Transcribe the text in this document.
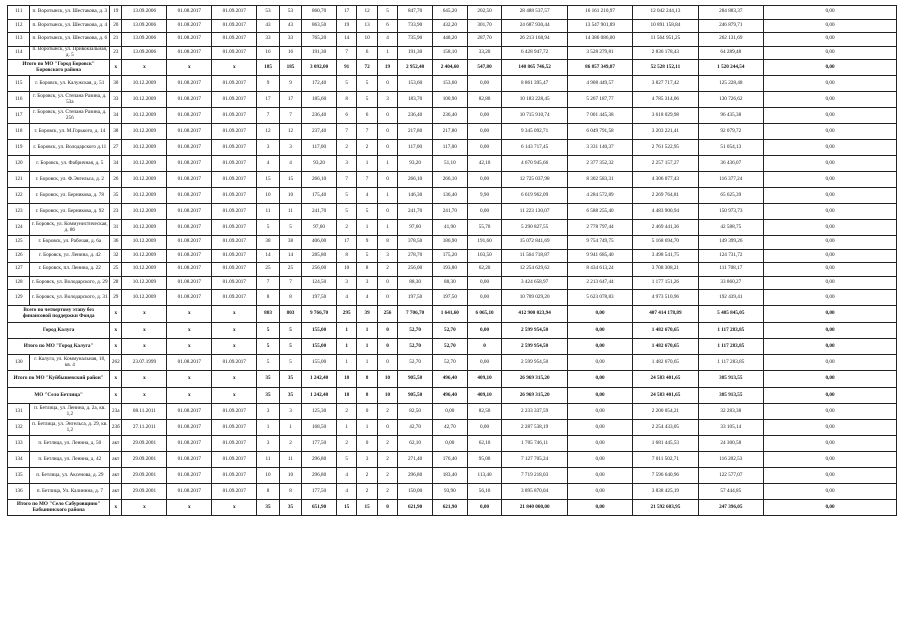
111	п. Воротынск, ул. Шестакова, д. 3	19	13.09.2006	01.08.2017	01.09.2017	53	53	860,70	17	12	5	847,70	645,20	202,50	28 488 537,57	16 161 210,97	12 042 244,13	284 883,37	0,00
112	п. Воротынск, ул. Шестакова, д. 4	20	13.09.2006	01.08.2017	01.09.2017	43	43	863,50	19	13	6	733,90	432,20	301,70	24 687 930,44	13 547 901,89	10 891 158,84	246 879,71	0,00
113	п. Воротынск, ул. Шестакова, д. 6	21	13.09.2006	01.08.2017	01.09.2017	33	33	765,20	14	10	4	735,90	448,20	287,70	26 213 168,94	14 386 086,00	11 564 951,25	262 131,69	0,00
114	п. Воротынск, ул. Привокзальная, д. 5	23	13.09.2006	01.08.2017	01.09.2017	16	16	191,30	7	6	1	191,30	158,10	33,20	6 428 947,72	3 528 279,81	2 836 178,43	64 289,48	0,00
Итого по МО "Город Боровск" Боровского района		x	x	x	x	185	185	3 092,00	91	72	19	2 952,40	2 404,60	547,80	140 865 746,52	86 857 349,87	52 528 152,11	1 520 244,54	0,00
115	г. Боровск, ул. Калужская, д. 51	30	10.12.2009	01.08.2017	01.09.2017	9	9	172,40	5	5	0	153,60	153,60	0,00	8 861 395,47	4 908 449,57	3 827 717,42	125 228,48	0,00
116	г. Боровск, ул. Степана Разина, д. 53а	33	10.12.2009	01.08.2017	01.09.2017	17	17	185,60	8	5	3	183,70	100,90	82,80	10 183 228,45	5 267 187,77	4 785 314,06	130 726,62	0,00
117	г. Боровск, ул. Степана Разина, д. 256	34	10.12.2009	01.08.2017	01.09.2017	7	7	236,40	6	6	0	236,40	236,40	0,00	10 715 910,74	7 001 445,38	3 618 029,98	96 435,38	0,00
118	г. Боровск, ул. М.Горького, д. 14	38	10.12.2009	01.08.2017	01.09.2017	12	12	237,40	7	7	0	217,80	217,80	0,00	9 345 092,71	6 049 791,58	3 203 221,41	92 079,72	0,00
119	г. Боровск, ул. Володарского д.11	27	10.12.2009	01.08.2017	01.09.2017	3	3	117,00	2	2	0	117,00	117,00	0,00	6 143 717,45	3 331 140,37	2 761 522,95	51 054,13	0,00
120	г. Боровск, ул. Фабричная, д. 5	34	10.12.2009	01.08.2017	01.09.2017	4	4	93,20	3	1	1	93,20	51,10	42,10	4 670 945,66	2 377 352,32	2 257 157,27	36 436,07	0,00
121	г. Боровск, ул. Ф.Энгельса, д. 2	26	10.12.2009	01.08.2017	01.09.2017	15	15	266,10	7	7	0	266,10	266,10	0,00	12 725 037,98	8 302 583,31	4 306 077,43	116 377,24	0,00
122	г. Боровск, ул. Берникова, д. 78	35	10.12.2009	01.08.2017	01.09.2017	10	10	175,40	5	4	1	146,30	136,40	9,90	6 619 962,09	4 284 572,89	2 269 764,81	65 625,39	0,00
123	г. Боровск, ул. Берникова, д. 92	23	10.12.2009	01.08.2017	01.09.2017	11	11	241,70	5	5	0	241,70	241,70	0,00	11 223 130,07	6 588 255,40	4 483 900,94	150 973,73	0,00
124	г. Боровск, ул. Коммунистическая, д. 86	31	10.12.2009	01.08.2017	01.09.2017	5	5	97,60	2	1	1	97,60	41,90	55,70	5 290 827,55	2 778 797,44	2 469 441,36	42 588,75	0,00
125	г. Боровск, ул. Рабочая, д. 6а	36	10.12.2009	01.08.2017	01.09.2017	38	38	406,00	17	9	8	378,50	186,90	191,60	15 072 841,69	9 754 749,75	5 168 694,70	149 399,26	0,00
126	г. Боровск, ул. Ленина, д. 42	32	10.12.2009	01.08.2017	01.09.2017	14	14	285,80	8	5	3	278,70	175,20	103,50	11 564 718,87	9 941 685,40	3 498 541,75	124 731,72	0,00
127	г. Боровск, пл. Ленина, д. 22	25	10.12.2009	01.08.2017	01.09.2017	25	25	256,00	10	8	2	256,00	193,80	62,20	12 254 629,62	8 434 613,24	3 708 308,21	111 708,17	0,00
128	г. Боровск, ул. Володарского, д. 29	28	10.12.2009	01.08.2017	01.09.2017	7	7	124,50	3	3	0	88,30	88,30	0,00	3 424 658,97	2 213 647,44	1 177 151,26	33 860,27	0,00
129	г. Боровск, ул. Володарского, д. 31	29	10.12.2009	01.08.2017	01.09.2017	8	8	197,50	4	4	0	197,50	197,50	0,00	10 709 029,20	5 623 078,83	4 973 510,96	192 439,41	0,00
Всего по четвертому этапу без финансовой поддержки Фонда		x	x	x	x	803	803	9 766,70	295	39	256	7 706,70	1 641,60	6 065,10	412 900 023,94	0,00	407 414 178,89	5 485 845,05	0,00
Город Калуга		x	x	x	x	5	5	155,00	1	1	0	52,70	52,70	0,00	2 599 954,50	0,00	1 482 670,65	1 117 283,85	0,00
Итого по МО "Город Калуга"		x	x	x	x	5	5	155,00	1	1	0	52,70	52,70	0	2 599 954,50	0,00	1 482 670,65	1 117 283,85	0,00
130	г. Калуга, ул. Коммунальная, 18, кв. 4	262	23.07.1999	01.08.2017	01.09.2017	5	5	155,00	1	1	0	52,70	52,70	0,00	2 599 954,50	0,00	1 482 670,65	1 117 283,85	0,00
Итого по МО "Куйбышевский район"		x	x	x	x	35	35	1 242,40	18	8	10	905,50	496,40	409,10	26 969 315,20	0,00	24 583 401,65	385 913,55	0,00
МО "Село Бетлица"		x	x	x	x	35	35	1 242,40	18	8	10	905,50	496,40	409,10	26 969 315,20	0,00	24 583 401,65	385 913,55	0,00
131	п. Бетлица, ул. Ленина, д. 2а, кв. 1,2	23а	08.11.2011	01.08.2017	01.09.2017	3	3	125,30	2	0	2	82,50	0,00	82,50	2 233 337,59	0,00	2 200 054,21	32 283,38	0,00
132	п. Бетлица, ул. Энгельса, д. 29, кв. 1,2	23б	27.11.2011	01.08.2017	01.09.2017	1	1	168,50	1	1	0	42,70	42,70	0,00	2 287 538,19	0,00	2 254 433,05	33 105,14	0,00
133	п. Бетлица, ул. Ленина, д. 50	акт	29.09.2001	01.08.2017	01.09.2017	3	2	177,50	2	0	2	62,10	0,00	62,10	1 705 746,11	0,00	1 681 445,53	24 300,58	0,00
134	п. Бетлица, ул. Ленина, д. 42	акт	29.09.2001	01.08.2017	01.09.2017	11	11	296,80	5	3	2	271,40	176,40	95,00	7 127 705,24	0,00	7 011 502,71	116 202,53	0,00
135	п. Бетлица, ул. Аксенова, д. 29	акт	29.09.2001	01.08.2017	01.09.2017	10	10	296,80	4	2	2	296,80	183,40	113,40	7 719 218,03	0,00	7 596 640,96	122 577,07	0,00
136	п. Бетлица, Ул. Калинина, д. 7	акт	29.09.2001	01.08.2017	01.09.2017	8	8	177,50	4	2	2	150,00	93,90	56,10	3 895 870,04	0,00	3 838 425,19	57 444,85	0,00
Итого по МО "Село Сабуровщино" Бабынинского района		x	x	x	x	35	35	651,90	15	15	0	621,90	621,90	0,00	21 840 000,00	0,00	21 592 603,95	247 396,05	0,00
